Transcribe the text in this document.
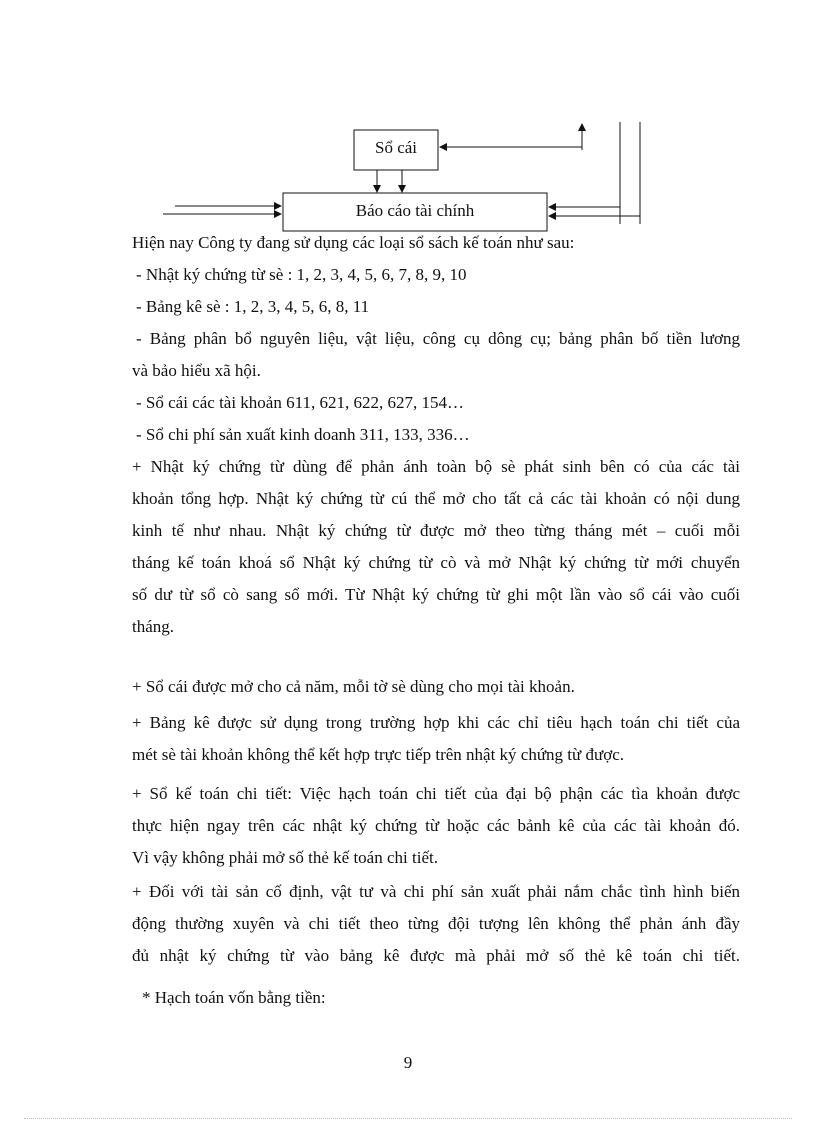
Sổ cái
Báo cáo tài chính
Hiện nay Công ty đang sử dụng các loại sổ sách kế toán như sau:
- Nhật ký chứng từ sè : 1, 2, 3, 4, 5, 6, 7, 8, 9, 10
- Bảng kê sè : 1, 2, 3, 4, 5, 6, 8, 11
- Bảng phân bổ nguyên liệu, vật liệu, công cụ dông cụ; bảng phân bố tiền lương
và bảo hiểu xã hội.
- Sổ cái các tài khoản 611, 621, 622, 627, 154…
- Sổ chi phí sản xuất kinh doanh 311, 133, 336…
+ Nhật ký chứng từ dùng để phản ánh toàn bộ sè phát sinh bên có của các tài
khoản tổng hợp. Nhật ký chứng từ cú thể mở cho tất cả các tài khoản có nội dung
kinh tế như nhau. Nhật ký chứng từ được mở theo từng tháng mét – cuối mỗi
tháng kế toán khoá sổ Nhật ký chứng từ cò và mở Nhật ký chứng từ mới chuyển
số dư từ sổ cò sang sổ mới. Từ Nhật ký chứng từ ghi một lần vào sổ cái vào cuối
tháng.
+ Sổ cái được mở cho cả năm, mỗi tờ sè dùng cho mọi tài khoản.
+ Bảng kê được sử dụng trong trường hợp khi các chỉ tiêu hạch toán chi tiết của
mét sè tài khoản không thể kết hợp trực tiếp trên nhật ký chứng từ được.
+ Sổ kế toán chi tiết: Việc hạch toán chi tiết của đại bộ phận các tìa khoản được
thực hiện ngay trên các nhật ký chứng từ hoặc các bảnh kê của các tài khoản đó.
Vì vậy không phải mở số thẻ kế toán chi tiết.
+ Đối với tài sản cố định, vật tư và chi phí sản xuất phải nắm chắc tình hình biến
động thường xuyên và chi tiết theo từng đội tượng lên không thể phản ánh đầy
đủ nhật ký chứng từ vào bảng kê được mà phải mở số thẻ kê toán chi tiết.
* Hạch toán vốn bằng tiền:
9
